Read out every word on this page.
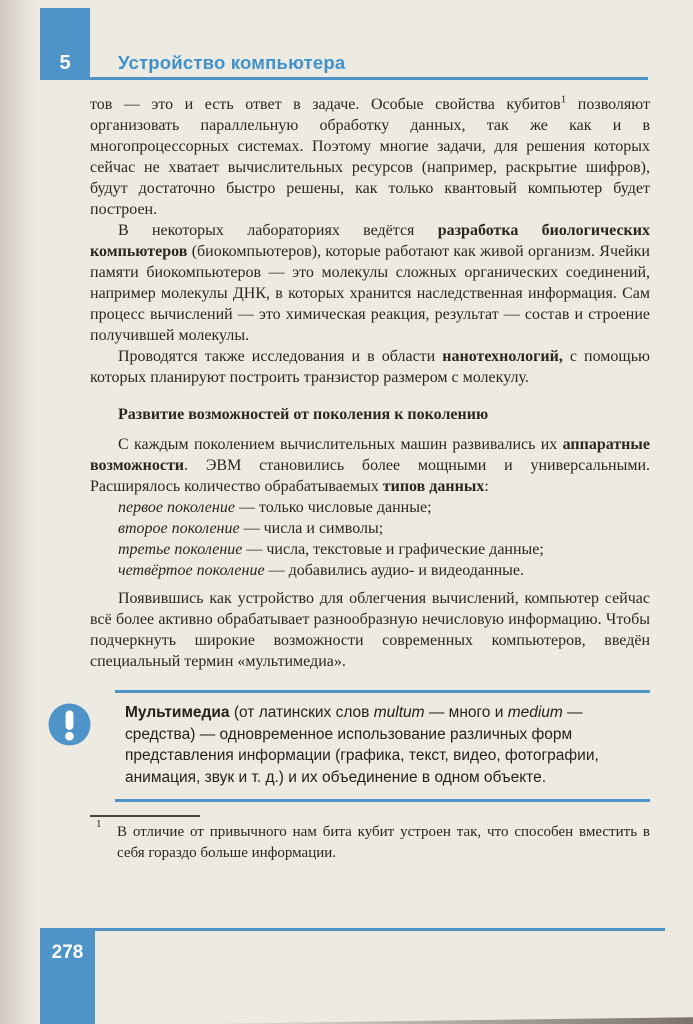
5	Устройство компьютера

тов — это и есть ответ в задаче. Особые свойства кубитов$^1$ позволяют организовать параллельную обработку данных, так же как и в многопроцессорных системах. Поэтому многие задачи, для решения которых сейчас не хватает вычислительных ресурсов (например, раскрытие шифров), будут достаточно быстро решены, как только квантовый компьютер будет построен.

В некоторых лабораториях ведётся разработка биологических компьютеров (биокомпьютеров), которые работают как живой организм. Ячейки памяти биокомпьютеров — это молекулы сложных органических соединений, например молекулы ДНК, в которых хранится наследственная информация. Сам процесс вычислений — это химическая реакция, результат — состав и строение получившей молекулы.

Проводятся также исследования и в области нанотехнологий, с помощью которых планируют построить транзистор размером с молекулу.

Развитие возможностей от поколения к поколению

С каждым поколением вычислительных машин развивались их аппаратные возможности. ЭВМ становились более мощными и универсальными. Расширялось количество обрабатываемых типов данных:

первое поколение — только числовые данные;

второе поколение — числа и символы;

третье поколение — числа, текстовые и графические данные;

четвёртое поколение — добавились аудио- и видеоданные.

Появившись как устройство для облегчения вычислений, компьютер сейчас всё более активно обрабатывает разнообразную нечисловую информацию. Чтобы подчеркнуть широкие возможности современных компьютеров, введён специальный термин «мультимедиа».

Мультимедиа (от латинских слов multum — много и medium — средства) — одновременное использование различных форм представления информации (графика, текст, видео, фотографии, анимация, звук и т. д.) и их объединение в одном объекте.

1 В отличие от привычного нам бита кубит устроен так, что способен вместить в себя гораздо больше информации.
278
